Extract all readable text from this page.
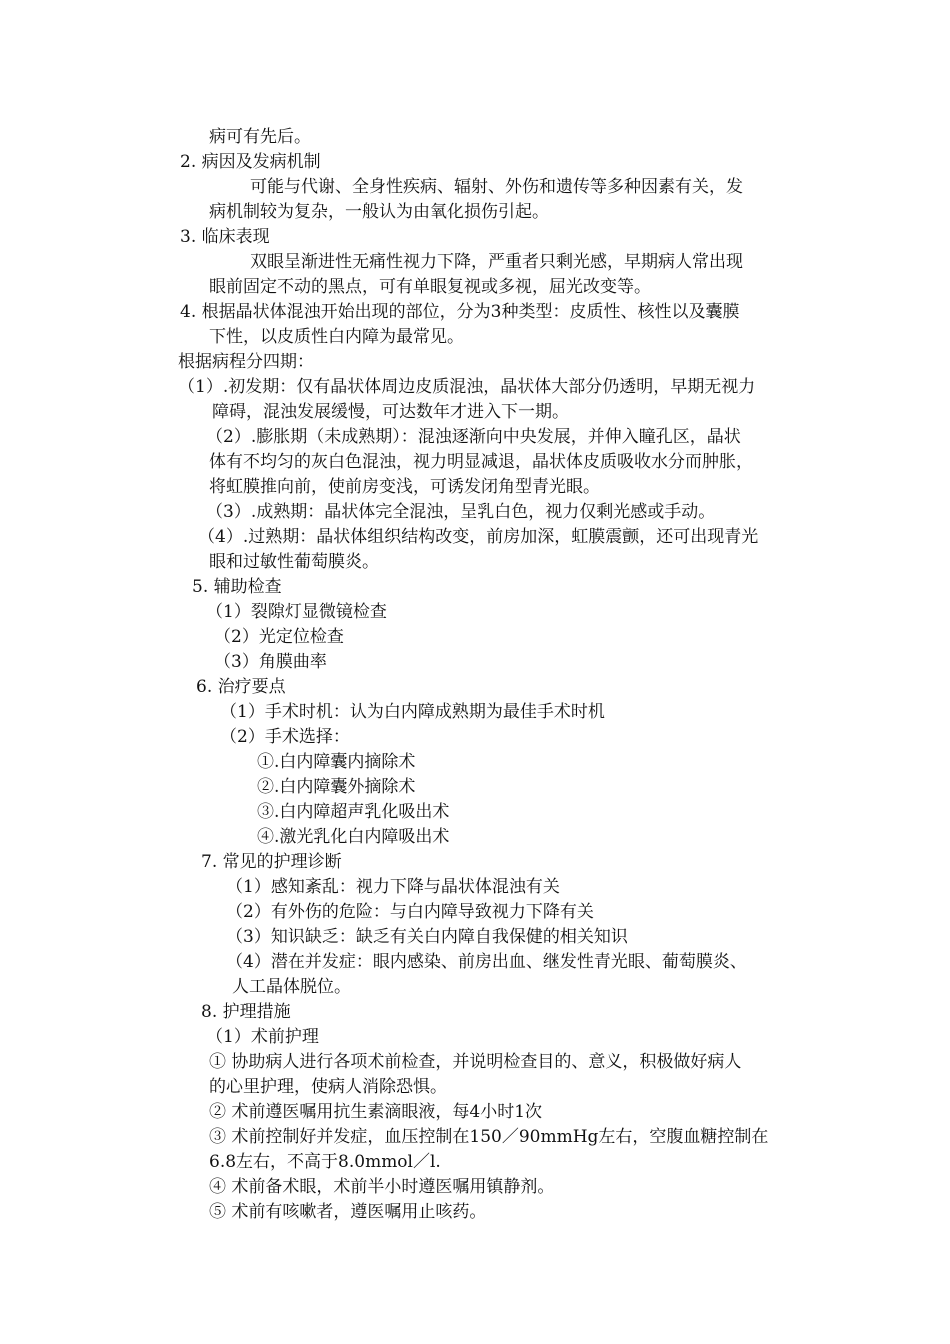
病可有先后。
2. 病因及发病机制
可能与代谢、全身性疾病、辐射、外伤和遗传等多种因素有关，发
病机制较为复杂，一般认为由氧化损伤引起。
3. 临床表现
双眼呈渐进性无痛性视力下降，严重者只剩光感，早期病人常出现
眼前固定不动的黑点，可有单眼复视或多视，屈光改变等。
4. 根据晶状体混浊开始出现的部位，分为3种类型：皮质性、核性以及囊膜
下性，以皮质性白内障为最常见。
根据病程分四期：
（1）.初发期：仅有晶状体周边皮质混浊，晶状体大部分仍透明，早期无视力
障碍，混浊发展缓慢，可达数年才进入下一期。
（2）.膨胀期（未成熟期）：混浊逐渐向中央发展，并伸入瞳孔区，晶状
体有不均匀的灰白色混浊，视力明显减退，晶状体皮质吸收水分而肿胀，
将虹膜推向前，使前房变浅，可诱发闭角型青光眼。
（3）.成熟期：晶状体完全混浊，呈乳白色，视力仅剩光感或手动。
（4）.过熟期：晶状体组织结构改变，前房加深，虹膜震颤，还可出现青光
眼和过敏性葡萄膜炎。
5. 辅助检查
（1）裂隙灯显微镜检查
（2）光定位检查
（3）角膜曲率
6. 治疗要点
（1）手术时机：认为白内障成熟期为最佳手术时机
（2）手术选择：
①.白内障囊内摘除术
②.白内障囊外摘除术
③.白内障超声乳化吸出术
④.激光乳化白内障吸出术
7. 常见的护理诊断
（1）感知紊乱：视力下降与晶状体混浊有关
（2）有外伤的危险：与白内障导致视力下降有关
（3）知识缺乏：缺乏有关白内障自我保健的相关知识
（4）潜在并发症：眼内感染、前房出血、继发性青光眼、葡萄膜炎、
人工晶体脱位。
8. 护理措施
（1）术前护理
① 协助病人进行各项术前检查，并说明检查目的、意义，积极做好病人
的心里护理，使病人消除恐惧。
② 术前遵医嘱用抗生素滴眼液，每4小时1次
③ 术前控制好并发症，血压控制在150／90mmHg左右，空腹血糖控制在
6.8左右，不高于8.0mmol／l.
④ 术前备术眼，术前半小时遵医嘱用镇静剂。
⑤ 术前有咳嗽者，遵医嘱用止咳药。
